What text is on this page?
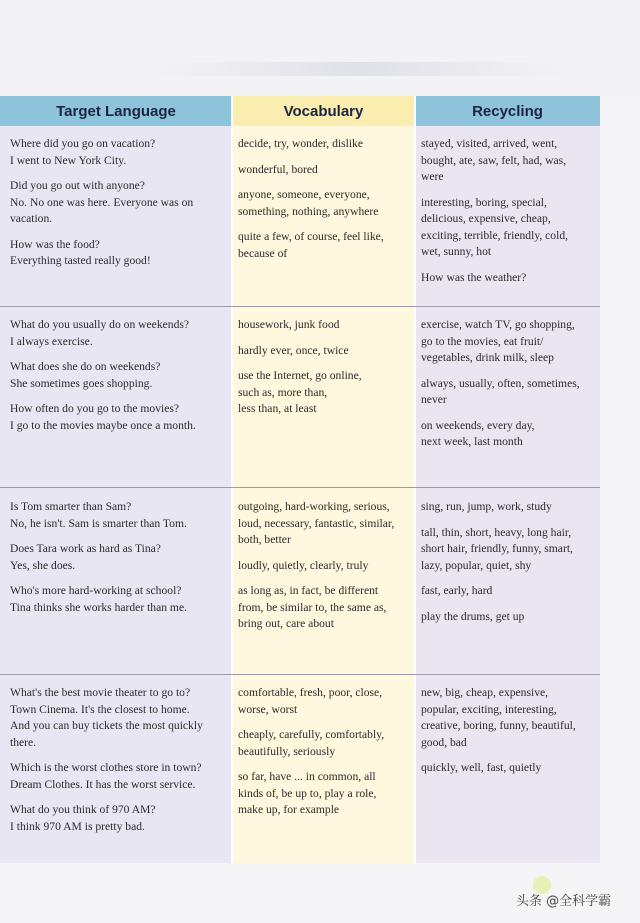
Target Language	Vocabulary	Recycling

Where did you go on vacation?
I went to New York City.

Did you go out with anyone?
No. No one was here. Everyone was on
vacation.

How was the food?
Everything tasted really good!

decide, try, wonder, dislike

wonderful, bored

anyone, someone, everyone,
something, nothing, anywhere

quite a few, of course, feel like,
because of

stayed, visited, arrived, went,
bought, ate, saw, felt, had, was,
were

interesting, boring, special,
delicious, expensive, cheap,
exciting, terrible, friendly, cold,
wet, sunny, hot

How was the weather?

What do you usually do on weekends?
I always exercise.

What does she do on weekends?
She sometimes goes shopping.

How often do you go to the movies?
I go to the movies maybe once a month.

housework, junk food

hardly ever, once, twice

use the Internet, go online,
such as, more than,
less than, at least

exercise, watch TV, go shopping,
go to the movies, eat fruit/
vegetables, drink milk, sleep

always, usually, often, sometimes,
never

on weekends, every day,
next week, last month

Is Tom smarter than Sam?
No, he isn't. Sam is smarter than Tom.

Does Tara work as hard as Tina?
Yes, she does.

Who's more hard-working at school?
Tina thinks she works harder than me.

outgoing, hard-working, serious,
loud, necessary, fantastic, similar,
both, better

loudly, quietly, clearly, truly

as long as, in fact, be different
from, be similar to, the same as,
bring out, care about

sing, run, jump, work, study

tall, thin, short, heavy, long hair,
short hair, friendly, funny, smart,
lazy, popular, quiet, shy

fast, early, hard

play the drums, get up

What's the best movie theater to go to?
Town Cinema. It's the closest to home.
And you can buy tickets the most quickly
there.

Which is the worst clothes store in town?
Dream Clothes. It has the worst service.

What do you think of 970 AM?
I think 970 AM is pretty bad.

comfortable, fresh, poor, close,
worse, worst

cheaply, carefully, comfortably,
beautifully, seriously

so far, have ... in common, all
kinds of, be up to, play a role,
make up, for example

new, big, cheap, expensive,
popular, exciting, interesting,
creative, boring, funny, beautiful,
good, bad

quickly, well, fast, quietly

头条 @全科学霸
